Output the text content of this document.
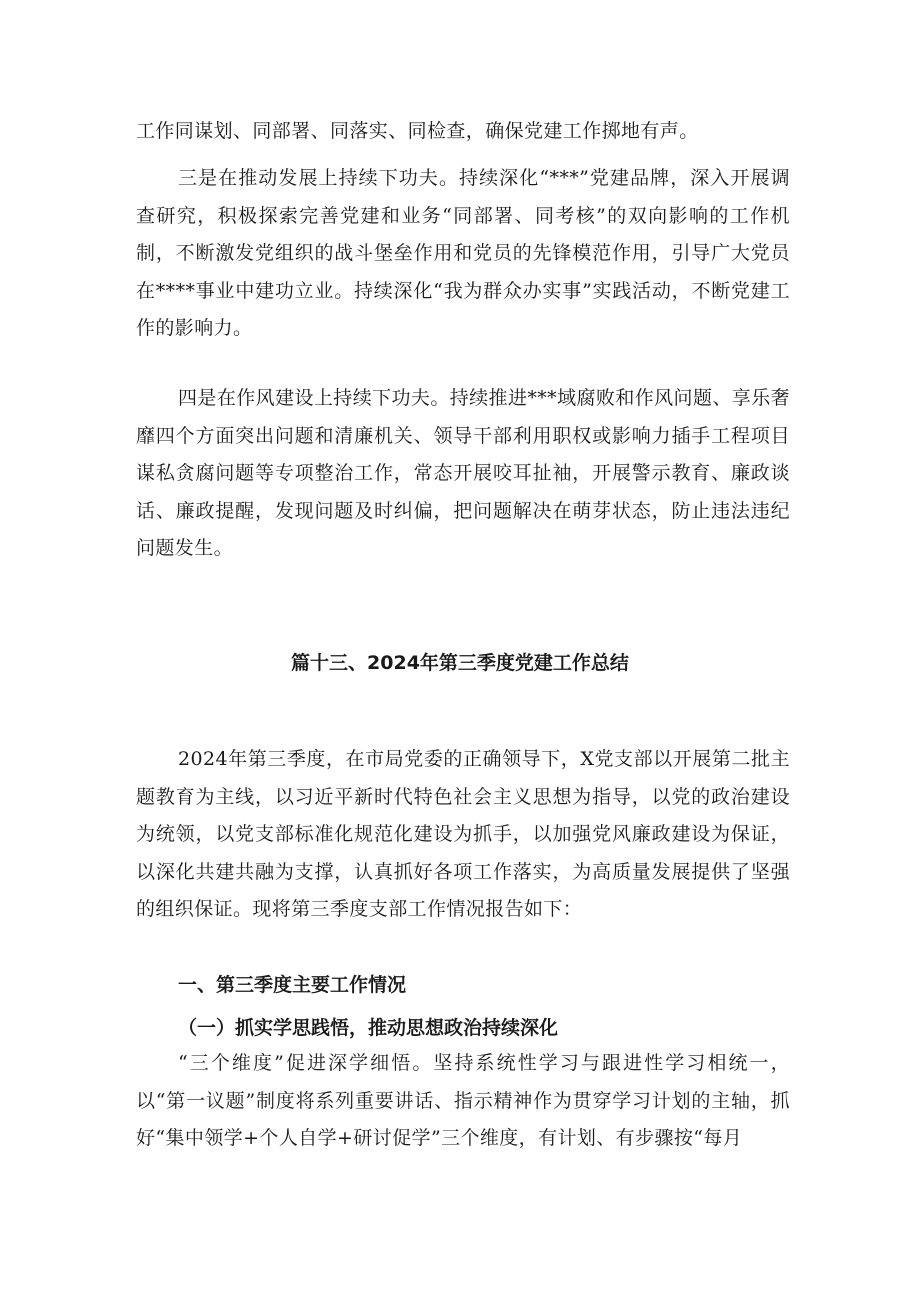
工作同谋划、同部署、同落实、同检查，确保党建工作掷地有声。

三是在推动发展上持续下功夫。持续深化“***”党建品牌，深入开展调查研究，积极探索完善党建和业务“同部署、同考核”的双向影响的工作机制，不断激发党组织的战斗堡垒作用和党员的先锋模范作用，引导广大党员在****事业中建功立业。持续深化“我为群众办实事”实践活动，不断党建工作的影响力。

四是在作风建设上持续下功夫。持续推进***域腐败和作风问题、享乐奢靡四个方面突出问题和清廉机关、领导干部利用职权或影响力插手工程项目谋私贪腐问题等专项整治工作，常态开展咬耳扯袖，开展警示教育、廉政谈话、廉政提醒，发现问题及时纠偏，把问题解决在萌芽状态，防止违法违纪问题发生。

篇十三、2024年第三季度党建工作总结

2024年第三季度，在市局党委的正确领导下，X党支部以开展第二批主题教育为主线，以习近平新时代特色社会主义思想为指导，以党的政治建设为统领，以党支部标准化规范化建设为抓手，以加强党风廉政建设为保证，以深化共建共融为支撑，认真抓好各项工作落实，为高质量发展提供了坚强的组织保证。现将第三季度支部工作情况报告如下：

一、第三季度主要工作情况
（一）抓实学思践悟，推动思想政治持续深化

“三个维度”促进深学细悟。坚持系统性学习与跟进性学习相统一，以“第一议题”制度将系列重要讲话、指示精神作为贯穿学习计划的主轴，抓好“集中领学+个人自学+研讨促学”三个维度，有计划、有步骤按“每月
